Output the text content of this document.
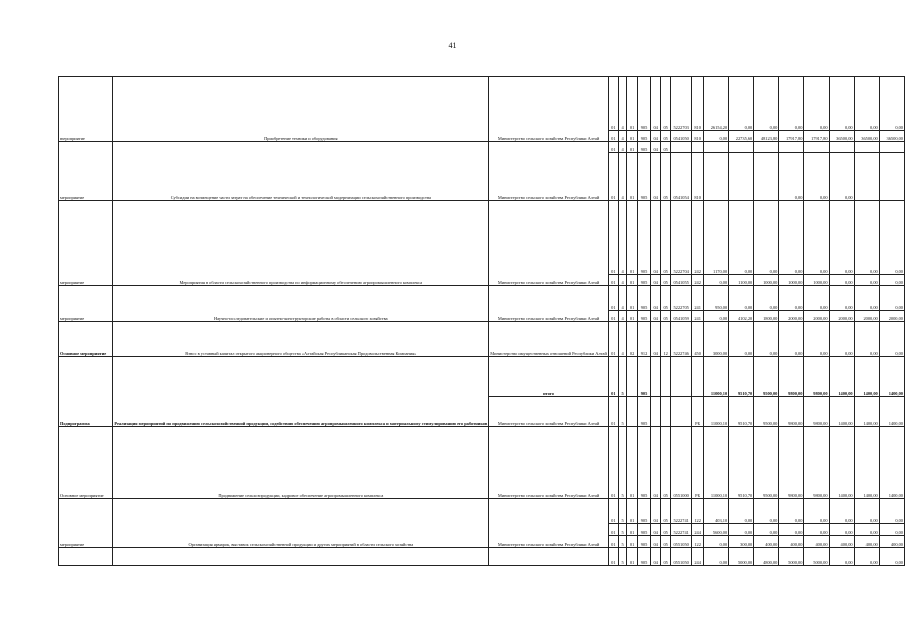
41
mероприятие	Приобретение техники и оборудования	Министерство сельского хозяйства Республики Алтай	01	4	01	905	04	05	5222703	810	26154,20	0,00	0,00	0,00	0,00	0,00	0,00	0,00
			01	4	01	905	04	05	0541050	810	0,00	22735,60	48123,80	17917,80	17917,80	36500,00	36500,00	36500,00
мероприятие	Субсидии на возмещение части затрат на обеспечение технической и технологической модернизации сельскохозяйственного производства	Министерство сельского хозяйства Республики Алтай	01	4	01	905	04	05										
			01	4	01	905	04	05	0541054	810				0,00	0,00	0,00		
мероприятие	Мероприятия в области сельскохозяйственного производства по информационному обеспечению агропромышленного комплекса	Министерство сельского хозяйства Республики Алтай	01	4	01	905	04	05	5222704	242	1170,00	0,00	0,00	0,00	0,00	0,00	0,00	0,00
			01	4	01	905	04	05	0541055	242	0,00	1100,00	1000,00	1000,00	1000,00	0,00	0,00	0,00
мероприятие	Научно-исследовательские и опытно-конструкторские работы в области сельского хозяйства	Министерство сельского хозяйства Республики Алтай	01	4	01	905	04	05	5222705	241	950,00	0,00	0,00	0,00	0,00	0,00	0,00	0,00
			01	4	01	905	04	05	0541059	241	0,00	4102,20	1800,00	2000,00	2000,00	2000,00	2000,00	2000,00
Основное мероприятие	Взнос в уставный капитал открытого акционерного общества «Алтайская Республиканская Продовольственная Компания»	Министерство имущественных отношений Республики Алтай	01	4	02	912	04	12	5222746	450	3000,00	0,00	0,00	0,00	0,00	0,00	0,00	0,00
Подпрограмма	Реализация мероприятий по продвижению сельскохозяйственной продукции, содействию обеспечению агропромышленного комплекса и материальному стимулированию его работников	итого	01	5		905					11000,10	9510,70	9500,00	9800,00	9800,00	1400,00	1400,00	1400,00
		Министерство сельского хозяйства Республики Алтай	01	5		905				РБ	11000,10	9510,70	9500,00	9800,00	9800,00	1400,00	1400,00	1400,00
Основное мероприятие	Продвижение сельхозпродукции, кадровое обеспечение агропромышленного комплекса	Министерство сельского хозяйства Республики Алтай	01	5	01	905	04	05	0551000	РБ	11000,10	9510,70	9500,00	9800,00	9800,00	1400,00	1400,00	1400,00
мероприятие	Организация ярмарок, выставок сельскохозяйственной продукции и других мероприятий в области сельского хозяйства	Министерство сельского хозяйства Республики Алтай	01	5	01	905	04	05	5222741	122	403,10	0,00	0,00	0,00	0,00	0,00	0,00	0,00
			01	5	01	905	04	05	5222741	244	5600,00	0,00	0,00	0,00	0,00	0,00	0,00	0,00
			01	5	01	905	04	05	0551050	122	0,00	300,00	400,00	400,00	400,00	400,00	400,00	400,00
			01	5	01	905	04	05	0551050	244	0,00	5000,00	4800,00	5000,00	5000,00	0,00	0,00	0,00
